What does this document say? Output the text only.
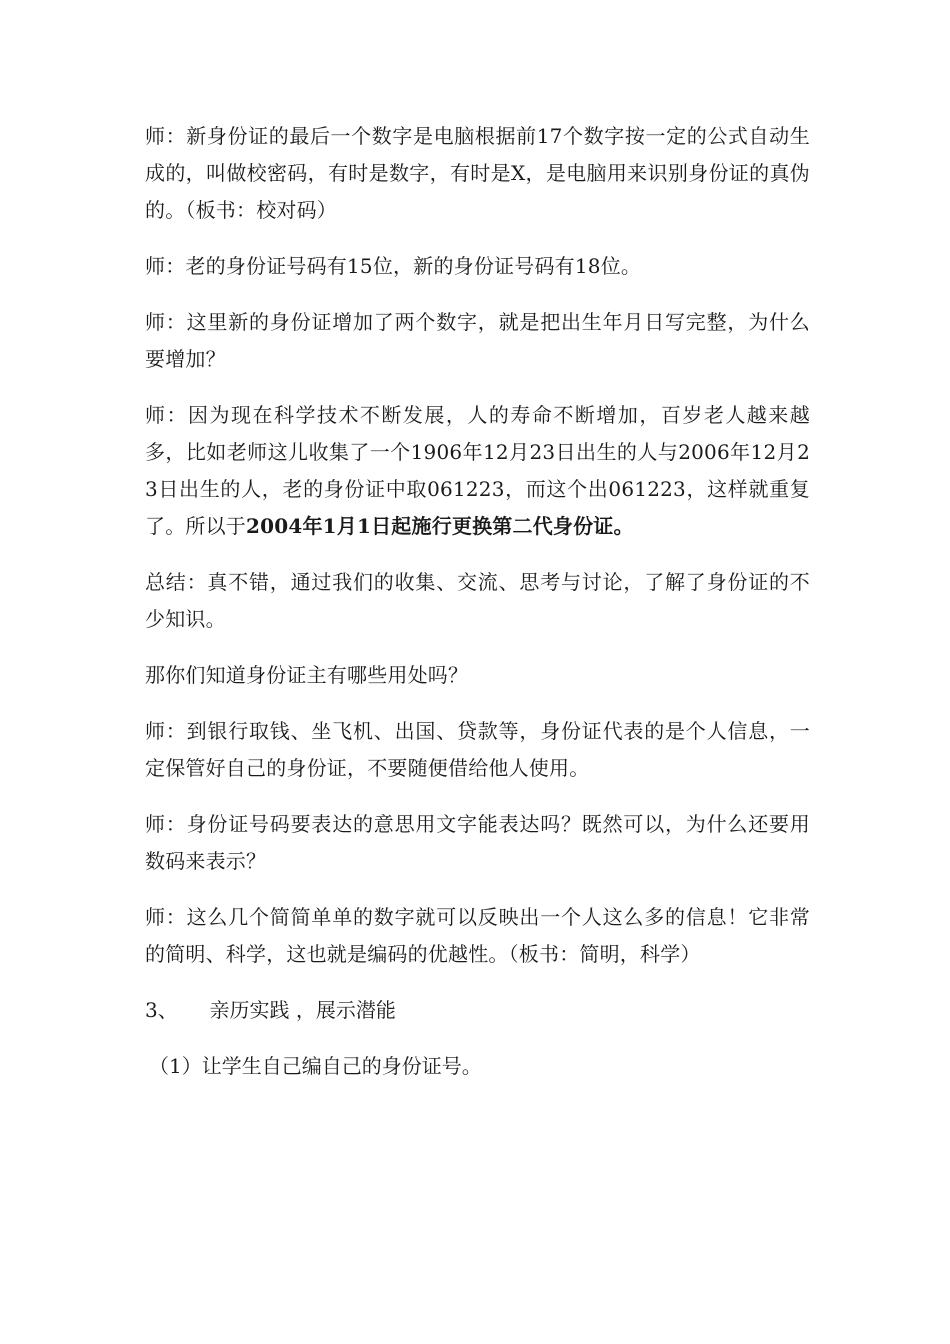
师：新身份证的最后一个数字是电脑根据前17个数字按一定的公式自动生成的，叫做校密码，有时是数字，有时是X，是电脑用来识别身份证的真伪的。（板书：校对码）

师：老的身份证号码有15位，新的身份证号码有18位。

师：这里新的身份证增加了两个数字，就是把出生年月日写完整，为什么要增加？

师：因为现在科学技术不断发展，人的寿命不断增加，百岁老人越来越多，比如老师这儿收集了一个1906年12月23日出生的人与2006年12月23日出生的人，老的身份证中取061223，而这个出061223，这样就重复了。所以于2004年1月1日起施行更换第二代身份证。

总结：真不错，通过我们的收集、交流、思考与讨论，了解了身份证的不少知识。

那你们知道身份证主有哪些用处吗？

师：到银行取钱、坐飞机、出国、贷款等，身份证代表的是个人信息，一定保管好自己的身份证，不要随便借给他人使用。

师：身份证号码要表达的意思用文字能表达吗？既然可以，为什么还要用数码来表示？

师：这么几个简简单单的数字就可以反映出一个人这么多的信息！它非常的简明、科学，这也就是编码的优越性。（板书：简明，科学）

3、 亲历实践 ，展示潜能

（1）让学生自己编自己的身份证号。
